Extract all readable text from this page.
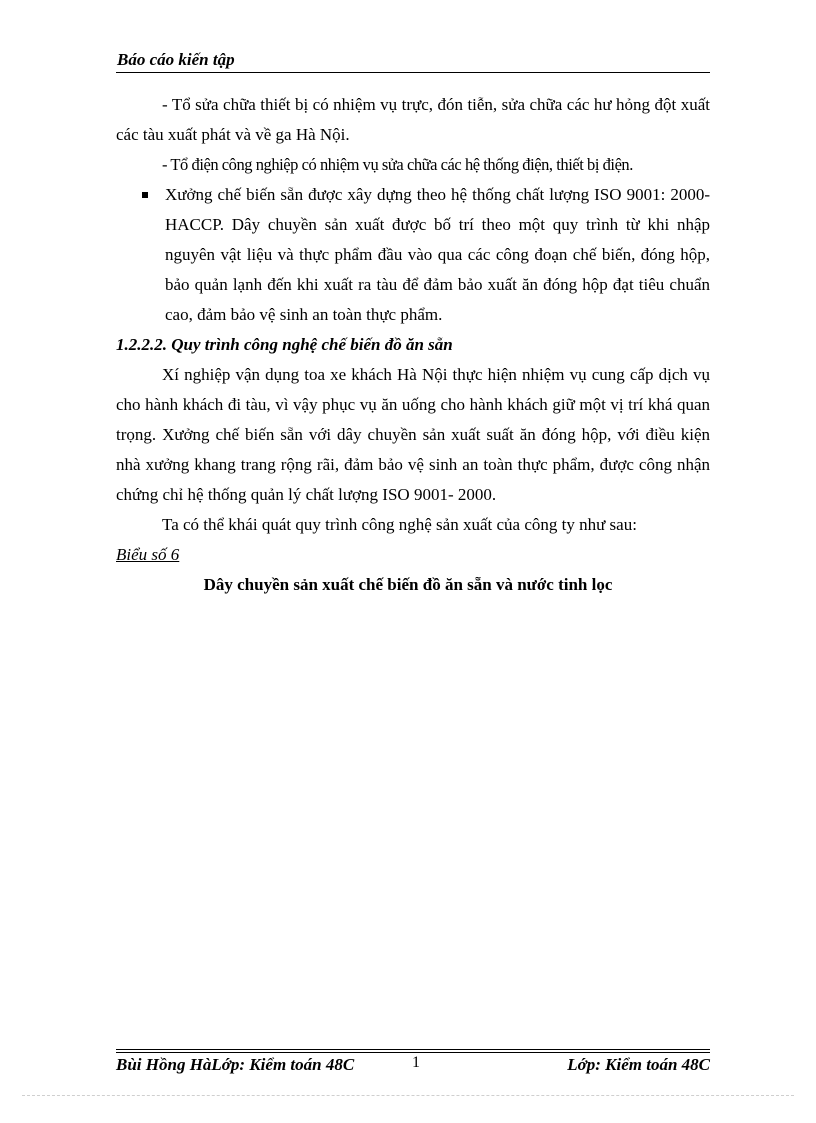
Báo cáo kiến tập

- Tổ sửa chữa thiết bị có nhiệm vụ trực, đón tiễn, sửa chữa các hư hỏng đột xuất các tàu xuất phát và về ga Hà Nội.

- Tổ điện công nghiệp có nhiệm vụ sửa chữa các hệ thống điện, thiết bị điện.

Xưởng chế biến sẵn được xây dựng theo hệ thống chất lượng ISO 9001: 2000- HACCP. Dây chuyền sản xuất được bố trí theo một quy trình từ khi nhập nguyên vật liệu và thực phẩm đầu vào qua các công đoạn chế biến, đóng hộp, bảo quản lạnh đến khi xuất ra tàu để đảm bảo xuất ăn đóng hộp đạt tiêu chuẩn cao, đảm bảo vệ sinh an toàn thực phẩm.

1.2.2.2. Quy trình công nghệ chế biến đồ ăn sẵn

Xí nghiệp vận dụng toa xe khách Hà Nội thực hiện nhiệm vụ cung cấp dịch vụ cho hành khách đi tàu, vì vậy phục vụ ăn uống cho hành khách giữ một vị trí khá quan trọng. Xưởng chế biến sẵn với dây chuyền sản xuất suất ăn đóng hộp, với điều kiện nhà xưởng khang trang rộng rãi, đảm bảo vệ sinh an toàn thực phẩm, được công nhận chứng chỉ hệ thống quản lý chất lượng ISO 9001- 2000.

Ta có thể khái quát quy trình công nghệ sản xuất của công ty như sau:

Biểu số 6

Dây chuyền sản xuất chế biến đồ ăn sẵn và nước tinh lọc

Bùi Hồng HàLớp: Kiểm toán 48C	1	Lớp: Kiểm toán 48C
